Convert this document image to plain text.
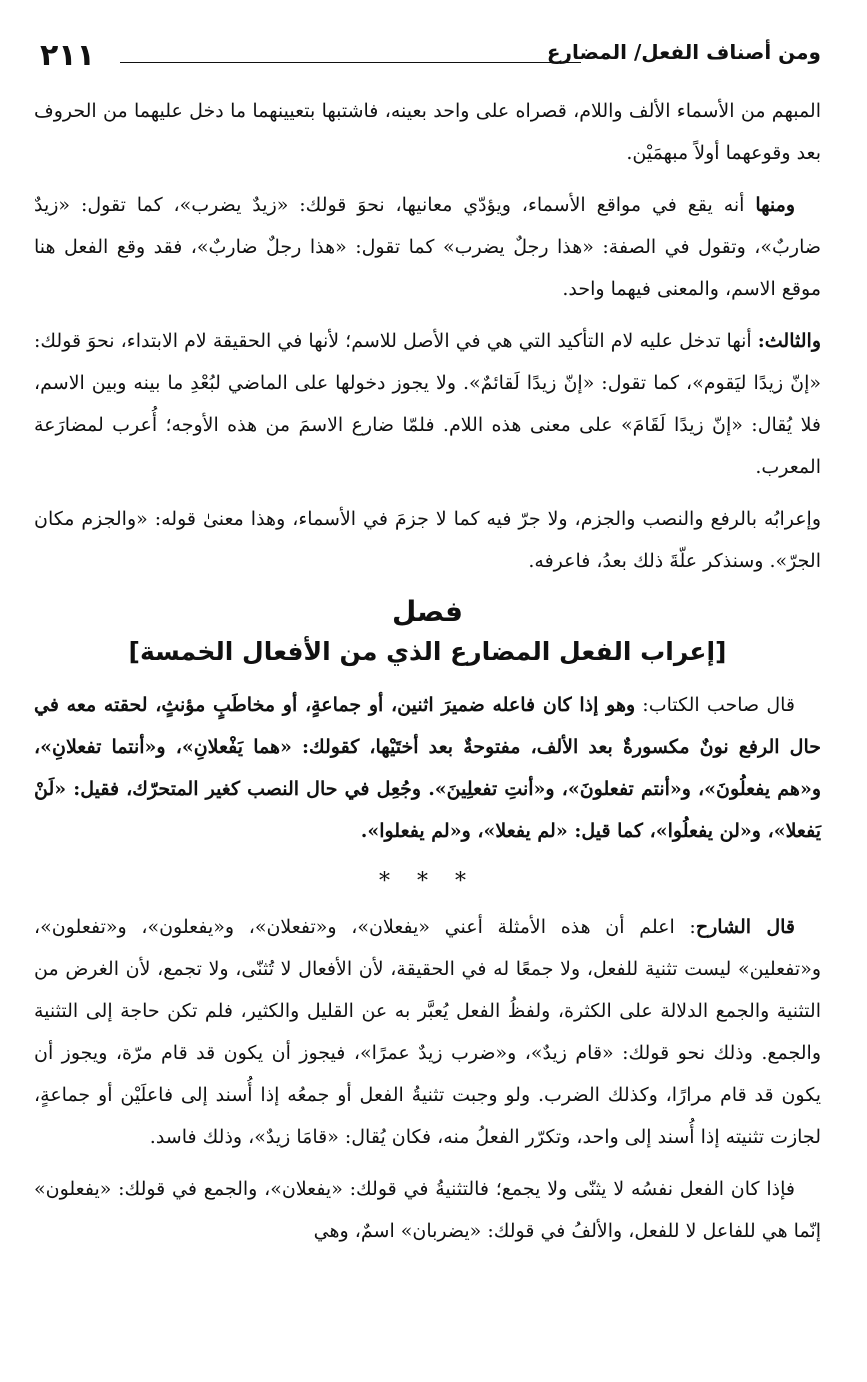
٢١١	ومن أصناف الفعل/ المضارع

المبهم من الأسماء الألف واللام، قصراه على واحد بعينه، فاشتبها بتعيينهما ما دخل عليهما من الحروف بعد وقوعهما أولاً مبهمَيْن.

ومنها أنه يقع في مواقع الأسماء، ويؤدّي معانيها، نحوَ قولك: «زيدٌ يضرب»، كما تقول: «زيدٌ ضاربٌ»، وتقول في الصفة: «هذا رجلٌ يضرب» كما تقول: «هذا رجلٌ ضاربٌ»، فقد وقع الفعل هنا موقع الاسم، والمعنى فيهما واحد.

والثالث: أنها تدخل عليه لام التأكيد التي هي في الأصل للاسم؛ لأنها في الحقيقة لام الابتداء، نحوَ قولك: «إنّ زيدًا ليَقوم»، كما تقول: «إنّ زيدًا لَقائمٌ». ولا يجوز دخولها على الماضي لبُعْدِ ما بينه وبين الاسم، فلا يُقال: «إنّ زيدًا لَقَامَ» على معنى هذه اللام. فلمّا ضارع الاسمَ من هذه الأوجه؛ أُعرب لمضارَعة المعرب.

وإعرابُه بالرفع والنصب والجزم، ولا جرّ فيه كما لا جزمَ في الأسماء، وهذا معنىٰ قوله: «والجزم مكان الجرّ». وسنذكر علّةَ ذلك بعدُ، فاعرفه.

فصل
[إعراب الفعل المضارع الذي من الأفعال الخمسة]

قال صاحب الكتاب: وهو إذا كان فاعله ضميرَ اثنين، أو جماعةٍ، أو مخاطَبٍ مؤنثٍ، لحقته معه في حال الرفع نونٌ مكسورةٌ بعد الألف، مفتوحةٌ بعد أختَيْها، كقولك: «هما يَفْعلانِ»، و«أنتما تفعلانِ»، و«هم يفعلُونَ»، و«أنتم تفعلونَ»، و«أنتِ تفعلِينَ». وجُعِل في حال النصب كغير المتحرّك، فقيل: «لَنْ يَفعلا»، و«لن يفعلُوا»، كما قيل: «لم يفعلا»، و«لم يفعلوا».

* * *

قال الشارح: اعلم أن هذه الأمثلة أعني «يفعلان»، و«تفعلان»، و«يفعلون»، و«تفعلون»، و«تفعلين» ليست تثنية للفعل، ولا جمعًا له في الحقيقة، لأن الأفعال لا تُثنّى، ولا تجمع، لأن الغرض من التثنية والجمع الدلالة على الكثرة، ولفظُ الفعل يُعبَّر به عن القليل والكثير، فلم تكن حاجة إلى التثنية والجمع. وذلك نحو قولك: «قام زيدٌ»، و«ضرب زيدٌ عمرًا»، فيجوز أن يكون قد قام مرّة، ويجوز أن يكون قد قام مرارًا، وكذلك الضرب. ولو وجبت تثنيةُ الفعل أو جمعُه إذا أُسند إلى فاعلَيْن أو جماعةٍ، لجازت تثنيته إذا أُسند إلى واحد، وتكرّر الفعلُ منه، فكان يُقال: «قامَا زيدٌ»، وذلك فاسد.

فإذا كان الفعل نفسُه لا يثنّى ولا يجمع؛ فالتثنيةُ في قولك: «يفعلان»، والجمع في قولك: «يفعلون» إنّما هي للفاعل لا للفعل، والألفُ في قولك: «يضربان» اسمٌ، وهي
